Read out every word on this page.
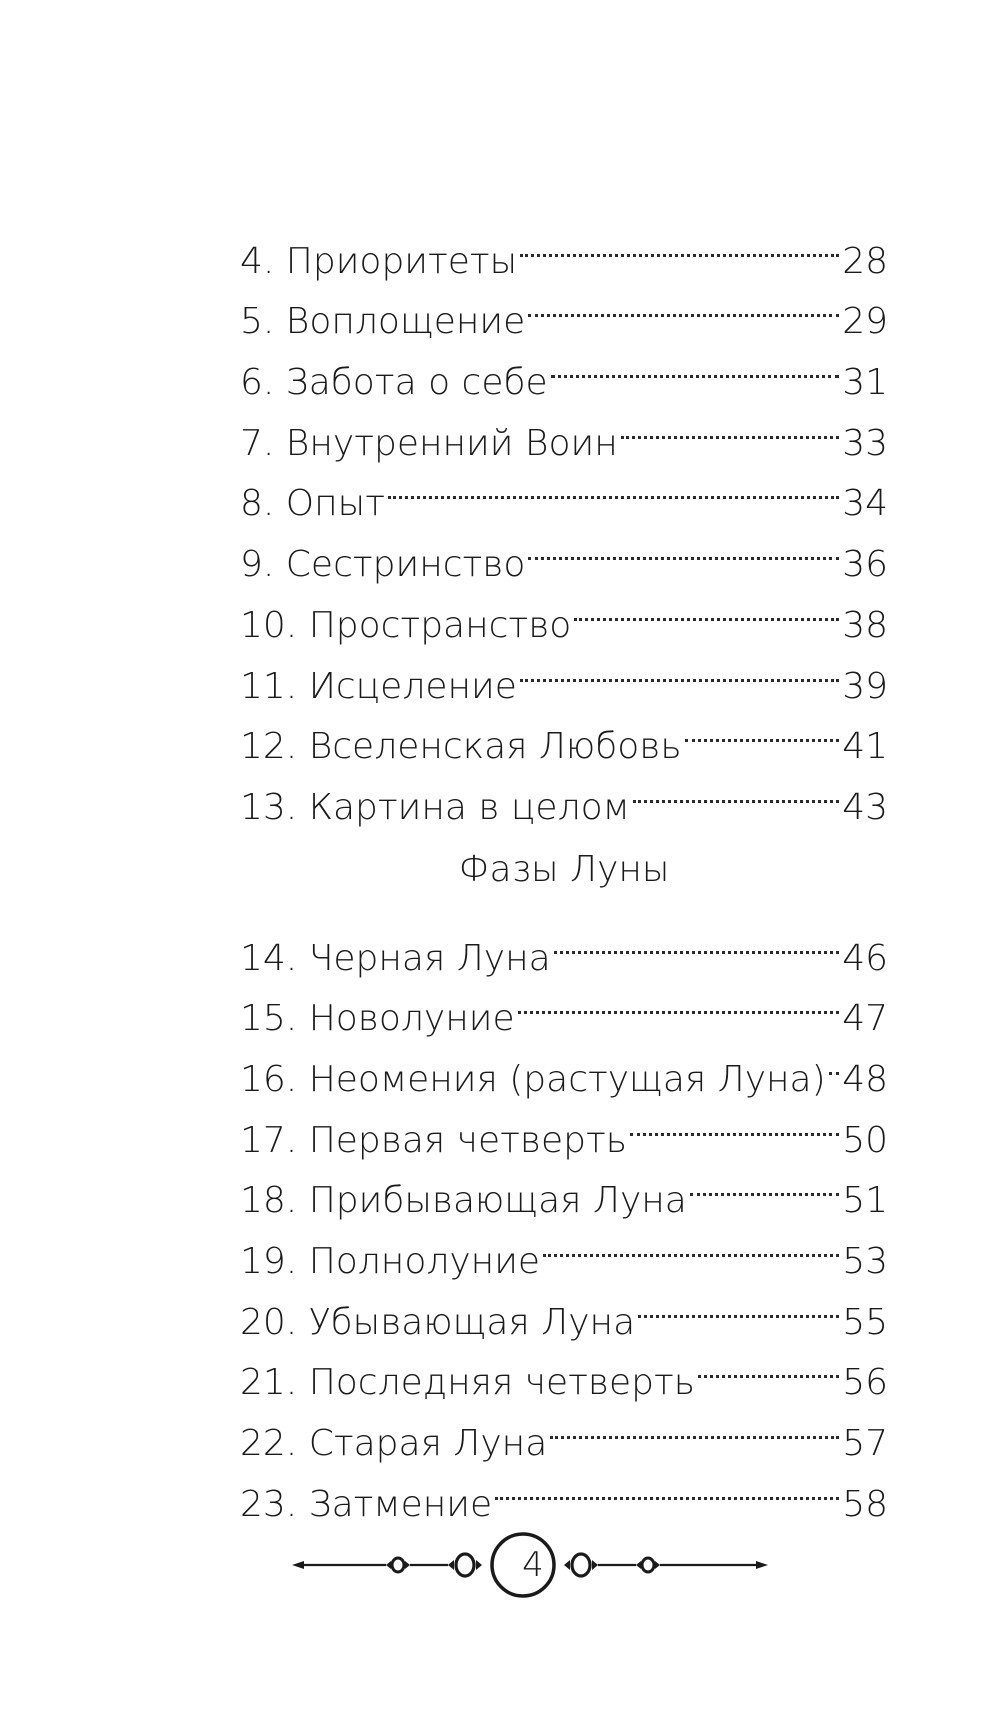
4. Приоритеты	28
5. Воплощение	29
6. Забота о себе	31
7. Внутренний Воин	33
8. Опыт	34
9. Сестринство	36
10. Пространство	38
11. Исцеление	39
12. Вселенская Любовь	41
13. Картина в целом	43
Фазы Луны
14. Черная Луна	46
15. Новолуние	47
16. Неомения (растущая Луна) 48
17. Первая четверть	50
18. Прибывающая Луна	51
19. Полнолуние	53
20. Убывающая Луна	55
21. Последняя четверть	56
22. Старая Луна	57
23. Затмение	58
4
